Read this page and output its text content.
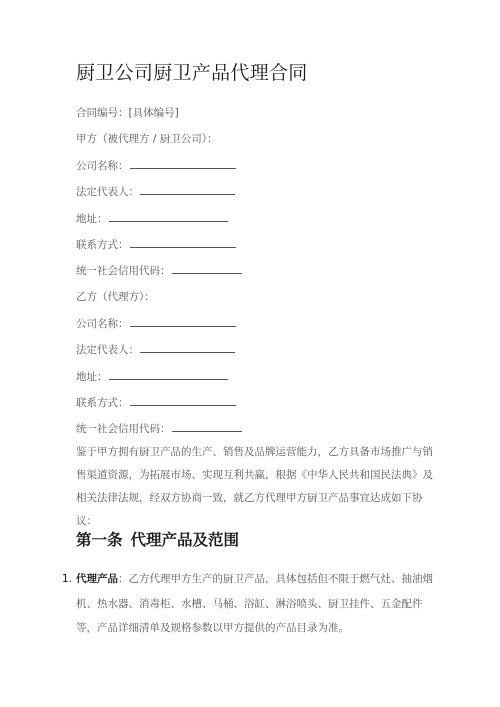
厨卫公司厨卫产品代理合同
合同编号：[具体编号]
甲方（被代理方 / 厨卫公司）：
公司名称：
法定代表人：
地址：
联系方式：
统一社会信用代码：
乙方（代理方）：
公司名称：
法定代表人：
地址：
联系方式：
统一社会信用代码：

鉴于甲方拥有厨卫产品的生产、销售及品牌运营能力，乙方具备市场推广与销售渠道资源，为拓展市场、实现互利共赢，根据《中华人民共和国民法典》及相关法律法规，经双方协商一致，就乙方代理甲方厨卫产品事宜达成如下协议：

第一条 代理产品及范围
1. 代理产品：乙方代理甲方生产的厨卫产品，具体包括但不限于燃气灶、抽油烟机、热水器、消毒柜、水槽、马桶、浴缸、淋浴喷头、厨卫挂件、五金配件等，产品详细清单及规格参数以甲方提供的产品目录为准。
